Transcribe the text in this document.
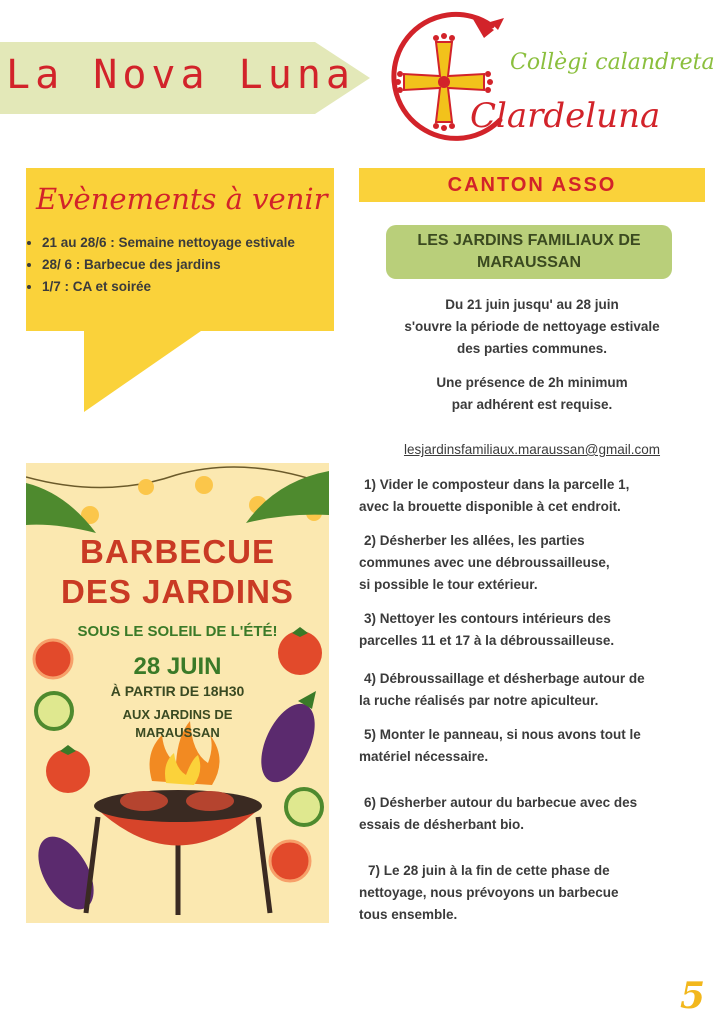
La Nova Luna	Collègi calandreta
Clardeluna
Evènements à venir
• 21 au 28/6 : Semaine nettoyage estivale
• 28/ 6 : Barbecue des jardins
• 1/7 : CA et soirée
CANTON ASSO
LES JARDINS FAMILIAUX DE MARAUSSAN
Du 21 juin jusqu' au 28 juin
s'ouvre la période de nettoyage estivale
des parties communes.
Une présence de 2h minimum
par adhérent est requise.
lesjardinsfamiliaux.maraussan@gmail.com
1) Vider le composteur dans la parcelle 1,
avec la brouette disponible à cet endroit.
2) Désherber les allées, les parties
communes avec une débroussailleuse,
si possible le tour extérieur.
3) Nettoyer les contours intérieurs des
parcelles 11 et 17 à la débroussailleuse.
4) Débroussaillage et désherbage autour de
la ruche réalisés par notre apiculteur.
5) Monter le panneau, si nous avons tout le
matériel nécessaire.
6) Désherber autour du barbecue avec des
essais de désherbant bio.
7) Le 28 juin à la fin de cette phase de
nettoyage, nous prévoyons un barbecue
tous ensemble.
BARBECUE
DES JARDINS
SOUS LE SOLEIL DE L'ÉTÉ!
28 JUIN
À PARTIR DE 18H30
AUX JARDINS DE
MARAUSSAN
5
